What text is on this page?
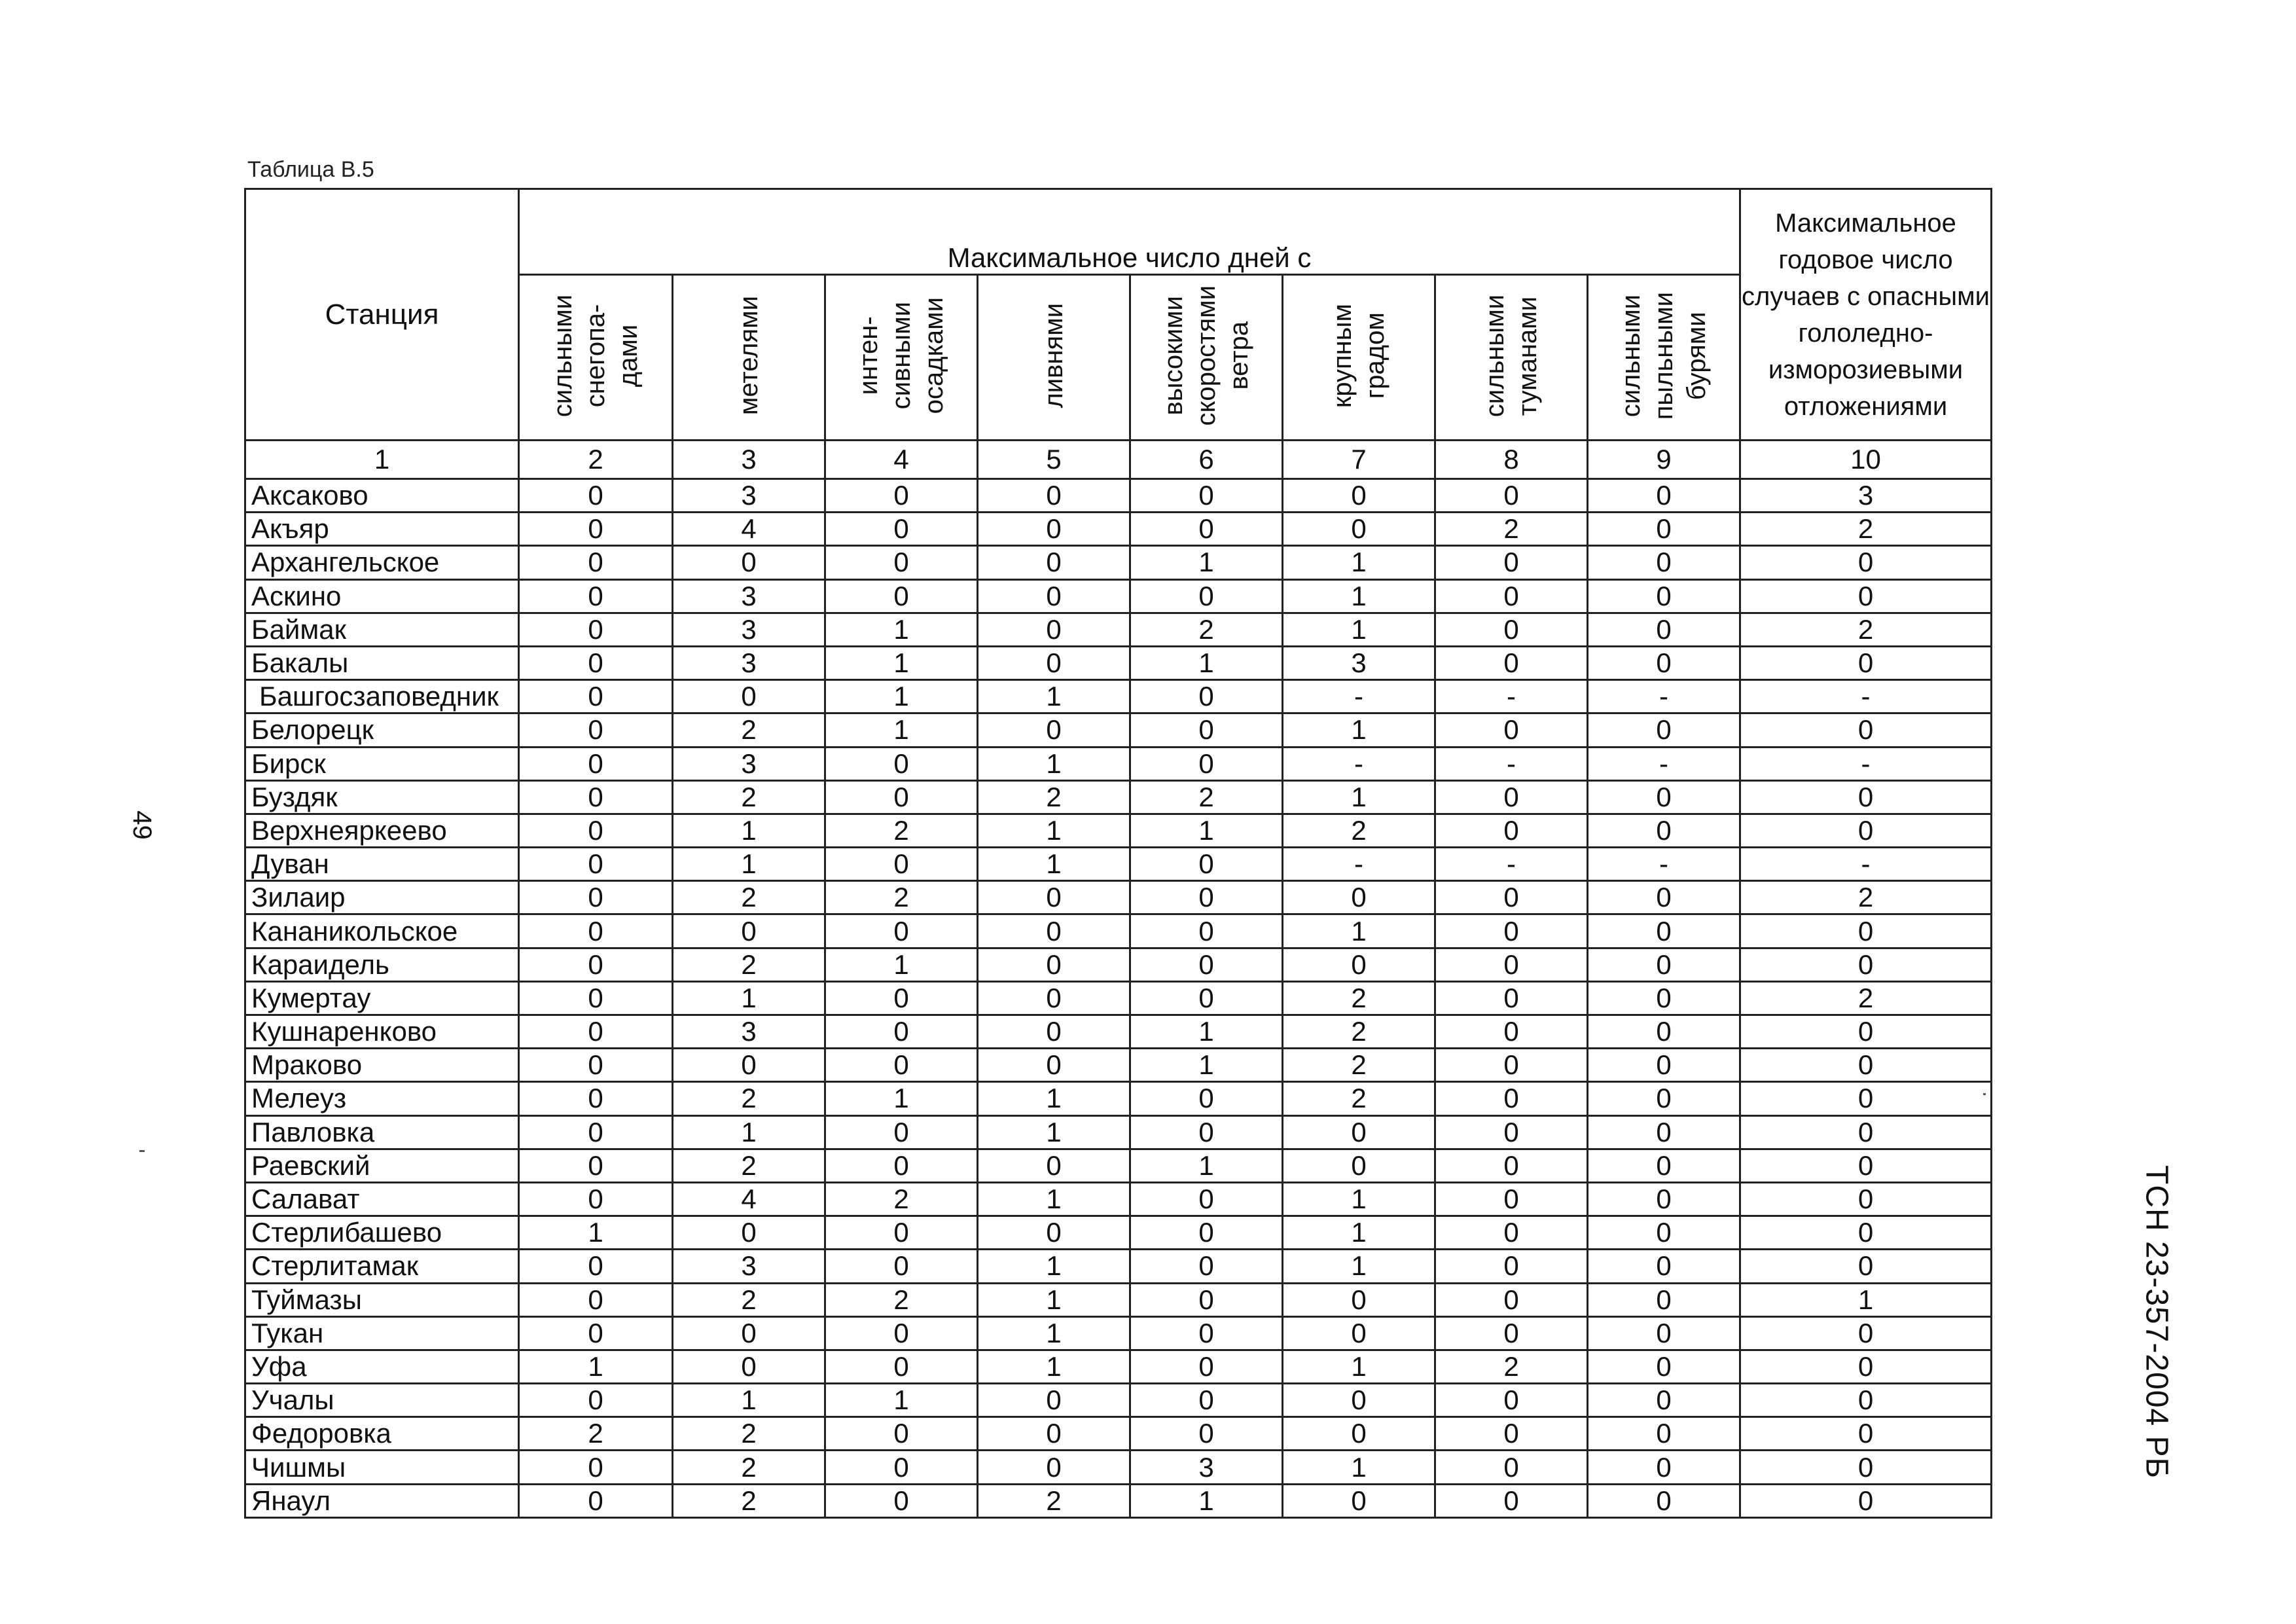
Таблица В.5
Станция	Максимальное число дней с								Максимальное годовое число случаев с опасными гололедно-изморозиевыми отложениями
	сильными
снегопа-
дами	метелями	интен-
сивными
осадками	ливнями	высокими
скоростями
ветра	крупным
градом	сильными
туманами	сильными
пыльными
бурями	
1	2	3	4	5	6	7	8	9	10
Аксаково	0	3	0	0	0	0	0	0	3
Акъяр	0	4	0	0	0	0	2	0	2
Архангельское	0	0	0	0	1	1	0	0	0
Аскино	0	3	0	0	0	1	0	0	0
Баймак	0	3	1	0	2	1	0	0	2
Бакалы	0	3	1	0	1	3	0	0	0
Башгосзаповедник	0	0	1	1	0	-	-	-	-
Белорецк	0	2	1	0	0	1	0	0	0
Бирск	0	3	0	1	0	-	-	-	-
Буздяк	0	2	0	2	2	1	0	0	0
Верхнеяркеево	0	1	2	1	1	2	0	0	0
Дуван	0	1	0	1	0	-	-	-	-
Зилаир	0	2	2	0	0	0	0	0	2
Кананикольское	0	0	0	0	0	1	0	0	0
Караидель	0	2	1	0	0	0	0	0	0
Кумертау	0	1	0	0	0	2	0	0	2
Кушнаренково	0	3	0	0	1	2	0	0	0
Мраково	0	0	0	0	1	2	0	0	0
Мелеуз	0	2	1	1	0	2	0	0	0
Павловка	0	1	0	1	0	0	0	0	0
Раевский	0	2	0	0	1	0	0	0	0
Салават	0	4	2	1	0	1	0	0	0
Стерлибашево	1	0	0	0	0	1	0	0	0
Стерлитамак	0	3	0	1	0	1	0	0	0
Туймазы	0	2	2	1	0	0	0	0	1
Тукан	0	0	0	1	0	0	0	0	0
Уфа	1	0	0	1	0	1	2	0	0
Учалы	0	1	1	0	0	0	0	0	0
Федоровка	2	2	0	0	0	0	0	0	0
Чишмы	0	2	0	0	3	1	0	0	0
Янаул	0	2	0	2	1	0	0	0	0
49
ТСН 23-357-2004 РБ
